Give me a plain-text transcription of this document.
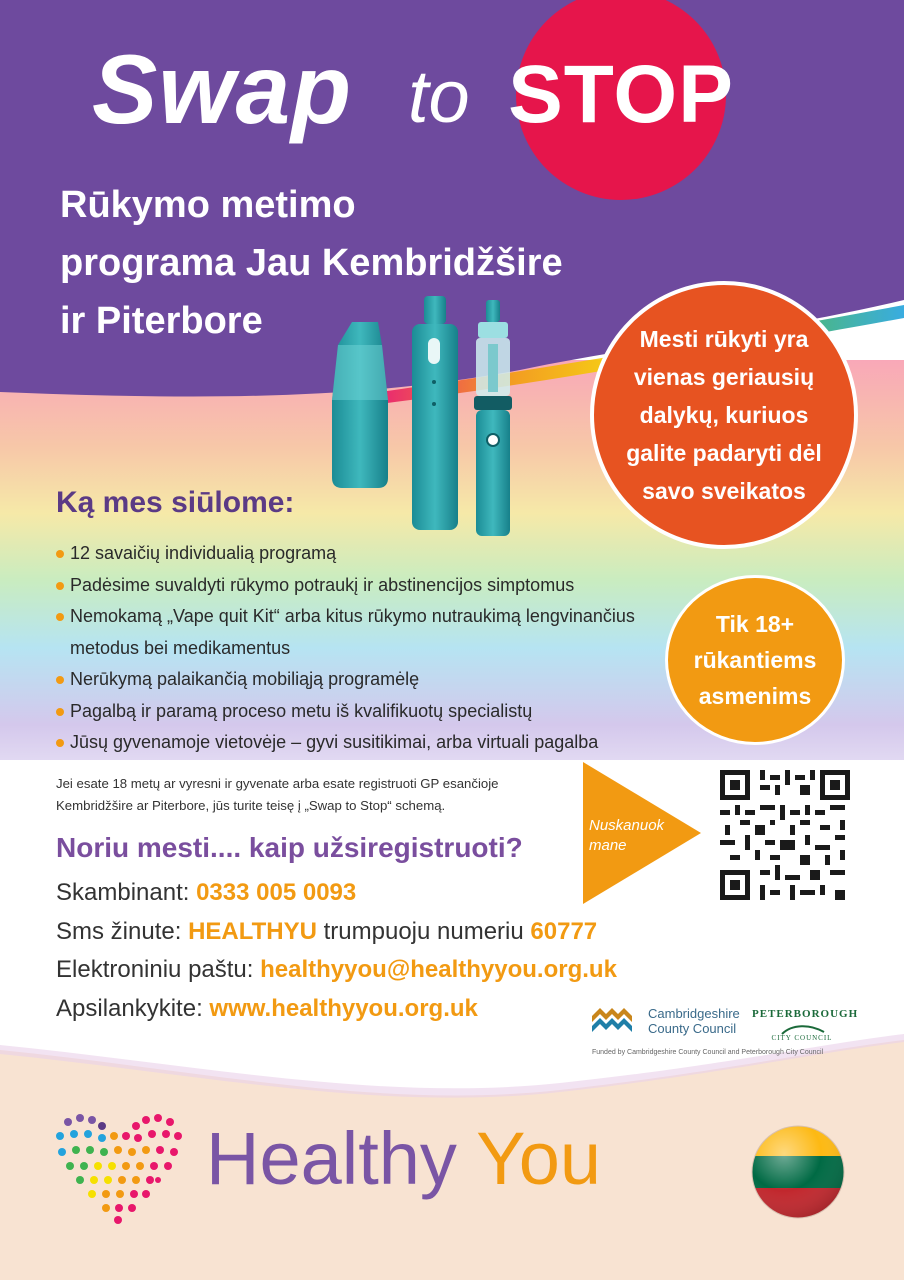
Swap to STOP
Rūkymo metimo
programa Jau Kembridžšire
ir Piterbore	Mesti rūkyti yra vienas geriausių dalykų, kuriuos galite padaryti dėl savo sveikatos
Ką mes siūlome:
12 savaičių individualią programą
Padėsime suvaldyti rūkymo potraukį ir abstinencijos simptomus
Nemokamą „Vape quit Kit“ arba kitus rūkymo nutraukimą lengvinančius metodus bei medikamentus
Nerūkymą palaikančią mobiliąją programėlę
Pagalbą ir paramą proceso metu iš kvalifikuotų specialistų
Jūsų gyvenamoje vietovėje – gyvi susitikimai, arba virtuali pagalba
Tik 18+ rūkantiems asmenims
Jei esate 18 metų ar vyresni ir gyvenate arba esate registruoti GP esančioje Kembridžšire ar Piterbore, jūs turite teisę į „Swap to Stop“ schemą.
Noriu mesti.... kaip užsiregistruoti?
Skambinant: 0333 005 0093
Sms žinute: HEALTHYU trumpuoju numeriu 60777
Elektroniniu paštu: healthyyou@healthyyou.org.uk
Apsilankykite: www.healthyyou.org.uk
Nuskanuok mane
Cambridgeshire
County Council
PETERBOROUGH
CITY COUNCIL
Funded by Cambridgeshire County Council and Peterborough City Council
Healthy You
